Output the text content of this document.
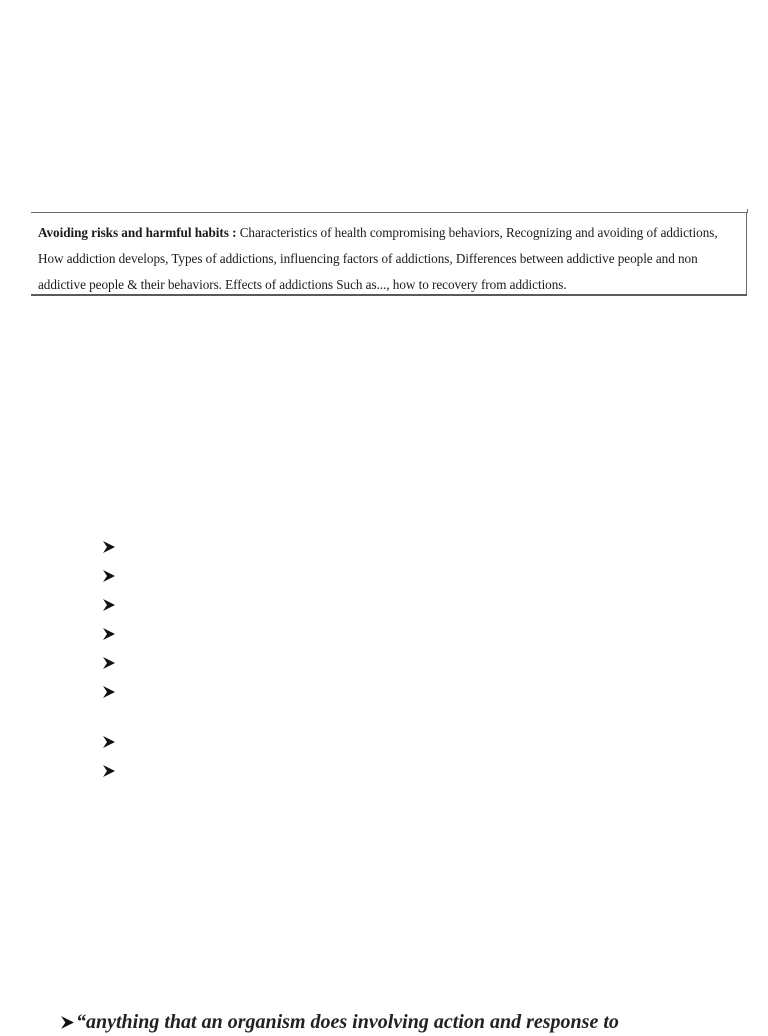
Avoiding risks and harmful habits : Characteristics of health compromising behaviors, Recognizing and avoiding of addictions, How addiction develops, Types of addictions, influencing factors of addictions, Differences between addictive people and non addictive people & their behaviors. Effects of addictions Such as..., how to recovery from addictions.
“anything that an organism does involving action and response to
